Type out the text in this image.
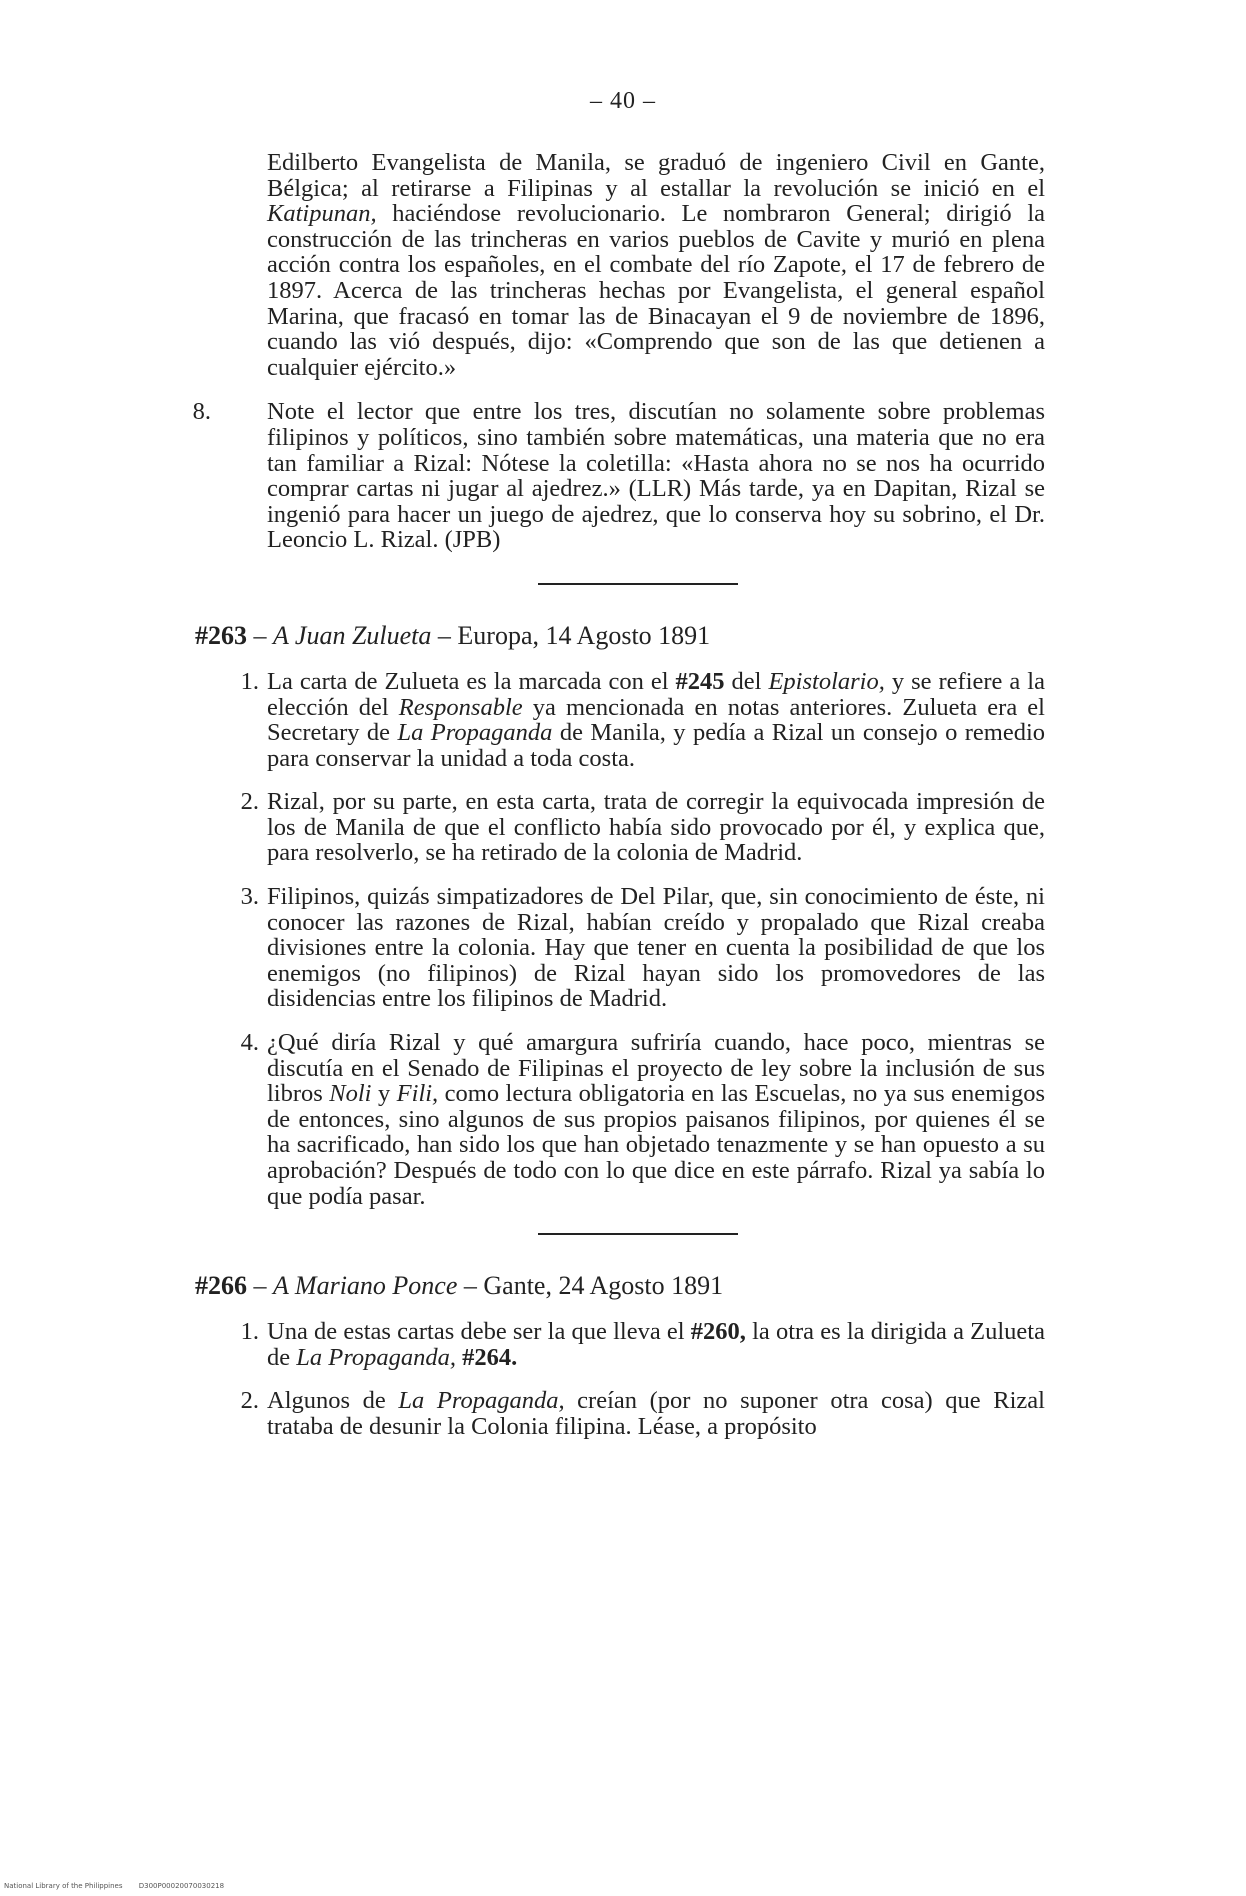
– 40 –

Edilberto Evangelista de Manila, se graduó de ingeniero Civil en Gante, Bélgica; al retirarse a Filipinas y al estallar la revolución se inició en el Katipunan, haciéndose revolucionario. Le nombraron General; dirigió la construcción de las trincheras en varios pueblos de Cavite y murió en plena acción contra los españoles, en el combate del río Zapote, el 17 de febrero de 1897. Acerca de las trincheras hechas por Evangelista, el general español Marina, que fracasó en tomar las de Binacayan el 9 de noviembre de 1896, cuando las vió después, dijo: «Comprendo que son de las que detienen a cualquier ejército.»

8. Note el lector que entre los tres, discutían no solamente sobre problemas filipinos y políticos, sino también sobre matemáticas, una materia que no era tan familiar a Rizal: Nótese la coletilla: «Hasta ahora no se nos ha ocurrido comprar cartas ni jugar al ajedrez.» (LLR) Más tarde, ya en Dapitan, Rizal se ingenió para hacer un juego de ajedrez, que lo conserva hoy su sobrino, el Dr. Leoncio L. Rizal. (JPB)
#263 – A Juan Zulueta – Europa, 14 Agosto 1891
1. La carta de Zulueta es la marcada con el #245 del Epistolario, y se refiere a la elección del Responsable ya mencionada en notas anteriores. Zulueta era el Secretary de La Propaganda de Manila, y pedía a Rizal un consejo o remedio para conservar la unidad a toda costa.
2. Rizal, por su parte, en esta carta, trata de corregir la equivocada impresión de los de Manila de que el conflicto había sido provocado por él, y explica que, para resolverlo, se ha retirado de la colonia de Madrid.
3. Filipinos, quizás simpatizadores de Del Pilar, que, sin conocimiento de éste, ni conocer las razones de Rizal, habían creído y propalado que Rizal creaba divisiones entre la colonia. Hay que tener en cuenta la posibilidad de que los enemigos (no filipinos) de Rizal hayan sido los promovedores de las disidencias entre los filipinos de Madrid.
4. ¿Qué diría Rizal y qué amargura sufriría cuando, hace poco, mientras se discutía en el Senado de Filipinas el proyecto de ley sobre la inclusión de sus libros Noli y Fili, como lectura obligatoria en las Escuelas, no ya sus enemigos de entonces, sino algunos de sus propios paisanos filipinos, por quienes él se ha sacrificado, han sido los que han objetado tenazmente y se han opuesto a su aprobación? Después de todo con lo que dice en este párrafo. Rizal ya sabía lo que podía pasar.
#266 – A Mariano Ponce – Gante, 24 Agosto 1891
1. Una de estas cartas debe ser la que lleva el #260, la otra es la dirigida a Zulueta de La Propaganda, #264.
2. Algunos de La Propaganda, creían (por no suponer otra cosa) que Rizal trataba de desunir la Colonia filipina. Léase, a propósito
National Library of the Philippines D300P00020070030218
